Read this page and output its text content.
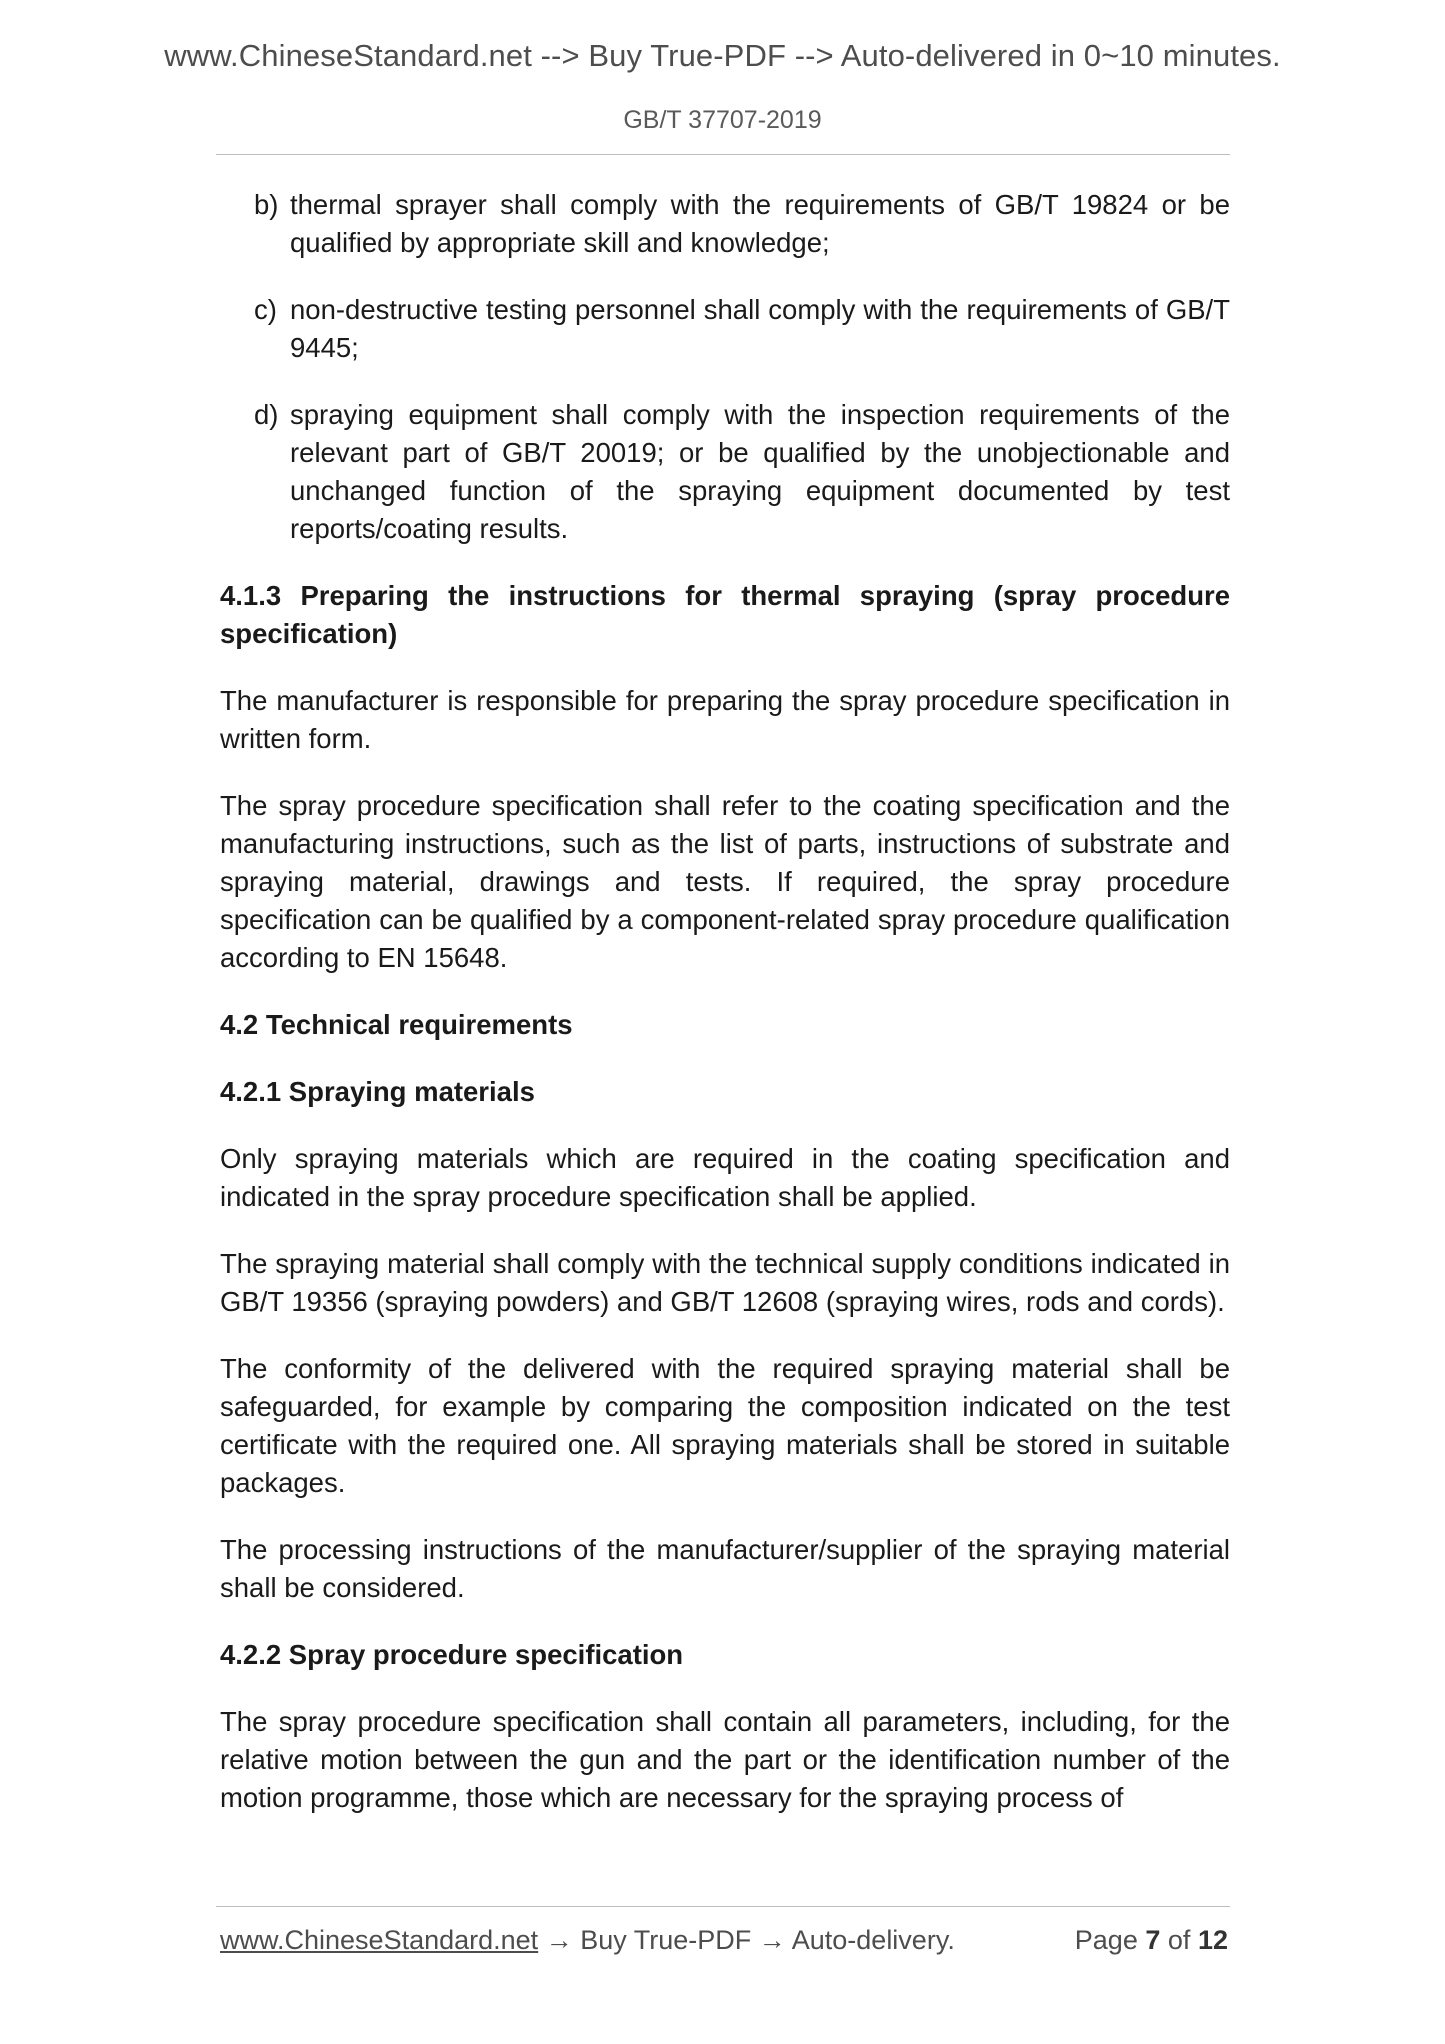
www.ChineseStandard.net --> Buy True-PDF --> Auto-delivered in 0~10 minutes.
GB/T 37707-2019
b) thermal sprayer shall comply with the requirements of GB/T 19824 or be qualified by appropriate skill and knowledge;
c) non-destructive testing personnel shall comply with the requirements of GB/T 9445;
d) spraying equipment shall comply with the inspection requirements of the relevant part of GB/T 20019; or be qualified by the unobjectionable and unchanged function of the spraying equipment documented by test reports/coating results.
4.1.3 Preparing the instructions for thermal spraying (spray procedure specification)
The manufacturer is responsible for preparing the spray procedure specification in written form.
The spray procedure specification shall refer to the coating specification and the manufacturing instructions, such as the list of parts, instructions of substrate and spraying material, drawings and tests. If required, the spray procedure specification can be qualified by a component-related spray procedure qualification according to EN 15648.
4.2 Technical requirements
4.2.1 Spraying materials
Only spraying materials which are required in the coating specification and indicated in the spray procedure specification shall be applied.
The spraying material shall comply with the technical supply conditions indicated in GB/T 19356 (spraying powders) and GB/T 12608 (spraying wires, rods and cords).
The conformity of the delivered with the required spraying material shall be safeguarded, for example by comparing the composition indicated on the test certificate with the required one. All spraying materials shall be stored in suitable packages.
The processing instructions of the manufacturer/supplier of the spraying material shall be considered.
4.2.2 Spray procedure specification
The spray procedure specification shall contain all parameters, including, for the relative motion between the gun and the part or the identification number of the motion programme, those which are necessary for the spraying process of
www.ChineseStandard.net → Buy True-PDF → Auto-delivery.	Page 7 of 12
